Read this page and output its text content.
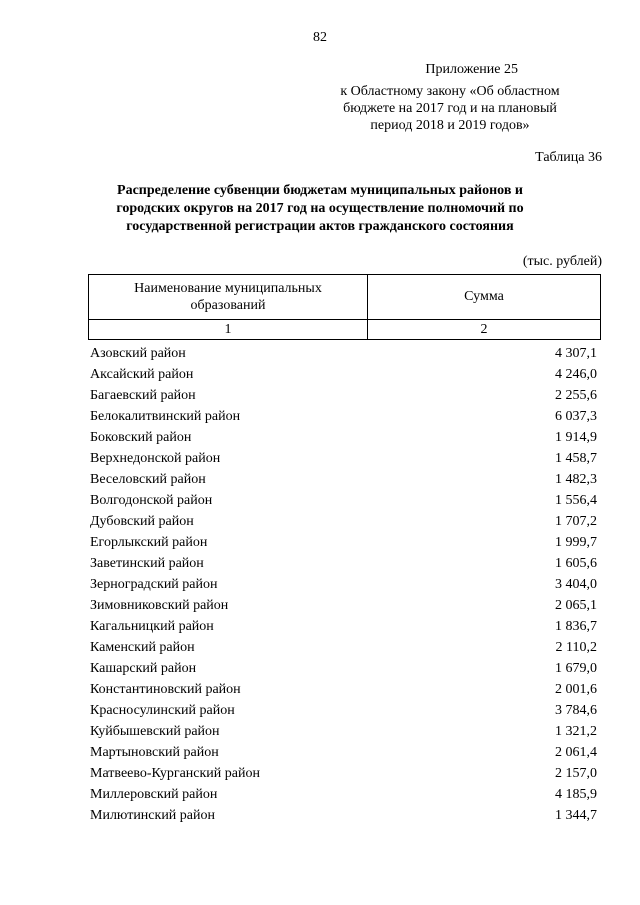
82
Приложение 25
к Областному закону «Об областном
бюджете на 2017 год и на плановый
период 2018 и 2019 годов»
Таблица 36
Распределение субвенции бюджетам муниципальных районов и
городских округов на 2017 год на осуществление полномочий по
государственной регистрации актов гражданского состояния
(тыс. рублей)
Наименование муниципальных
образований	Сумма
1	2
Азовский район	4 307,1
Аксайский район	4 246,0
Багаевский район	2 255,6
Белокалитвинский район	6 037,3
Боковский район	1 914,9
Верхнедонской район	1 458,7
Веселовский район	1 482,3
Волгодонской район	1 556,4
Дубовский район	1 707,2
Егорлыкский район	1 999,7
Заветинский район	1 605,6
Зерноградский район	3 404,0
Зимовниковский район	2 065,1
Кагальницкий район	1 836,7
Каменский район	2 110,2
Кашарский район	1 679,0
Константиновский район	2 001,6
Красносулинский район	3 784,6
Куйбышевский район	1 321,2
Мартыновский район	2 061,4
Матвеево-Курганский район	2 157,0
Миллеровский район	4 185,9
Милютинский район	1 344,7
